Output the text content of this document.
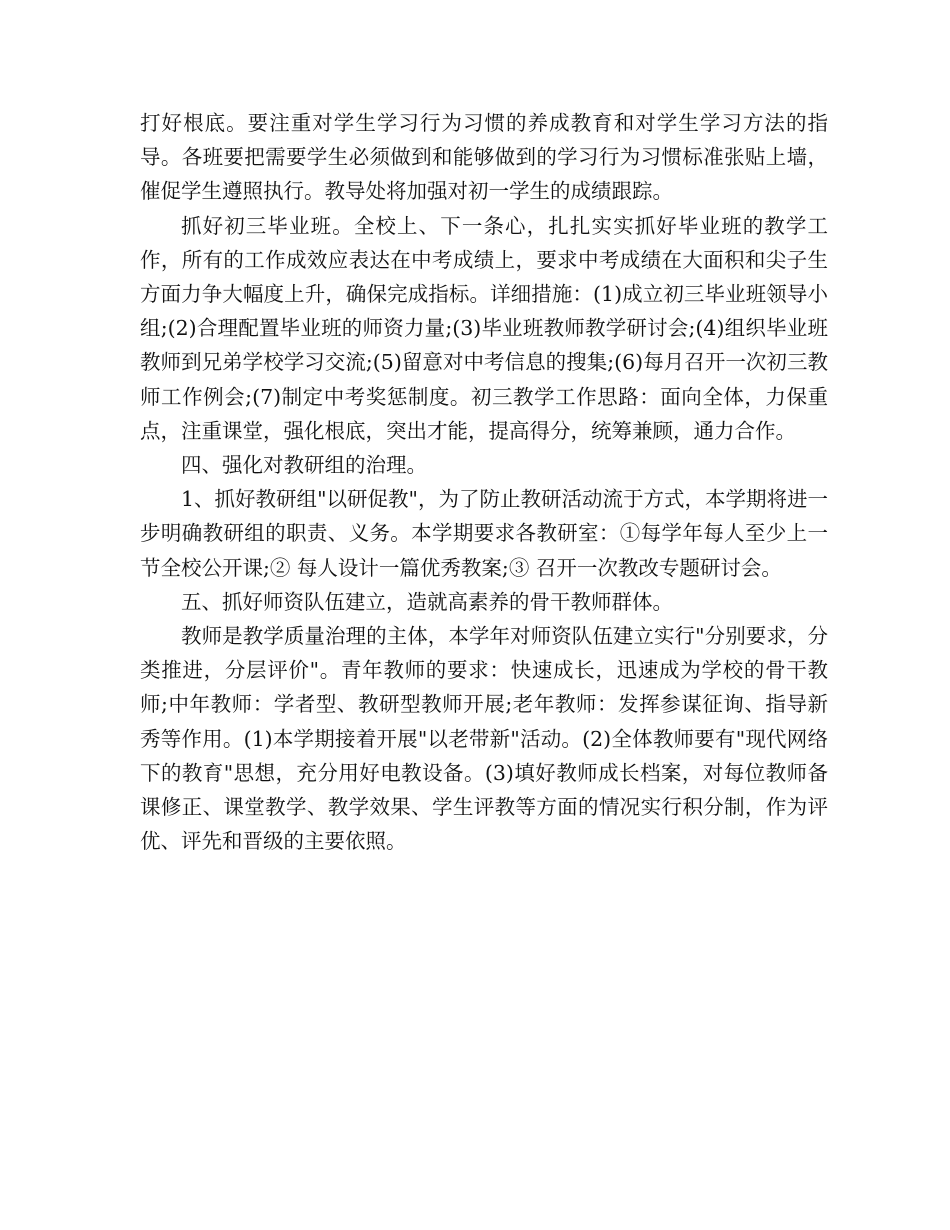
打好根底。要注重对学生学习行为习惯的养成教育和对学生学习方法的指导。各班要把需要学生必须做到和能够做到的学习行为习惯标准张贴上墙，催促学生遵照执行。教导处将加强对初一学生的成绩跟踪。

抓好初三毕业班。全校上、下一条心，扎扎实实抓好毕业班的教学工作，所有的工作成效应表达在中考成绩上，要求中考成绩在大面积和尖子生方面力争大幅度上升，确保完成指标。详细措施：(1)成立初三毕业班领导小组;(2)合理配置毕业班的师资力量;(3)毕业班教师教学研讨会;(4)组织毕业班教师到兄弟学校学习交流;(5)留意对中考信息的搜集;(6)每月召开一次初三教师工作例会;(7)制定中考奖惩制度。初三教学工作思路：面向全体，力保重点，注重课堂，强化根底，突出才能，提高得分，统筹兼顾，通力合作。

四、强化对教研组的治理。

1、抓好教研组"以研促教"，为了防止教研活动流于方式，本学期将进一步明确教研组的职责、义务。本学期要求各教研室：①每学年每人至少上一节全校公开课;② 每人设计一篇优秀教案;③ 召开一次教改专题研讨会。

五、抓好师资队伍建立，造就高素养的骨干教师群体。

教师是教学质量治理的主体，本学年对师资队伍建立实行"分别要求，分类推进，分层评价"。青年教师的要求：快速成长，迅速成为学校的骨干教师;中年教师：学者型、教研型教师开展;老年教师：发挥参谋征询、指导新秀等作用。(1)本学期接着开展"以老带新"活动。(2)全体教师要有"现代网络下的教育"思想，充分用好电教设备。(3)填好教师成长档案，对每位教师备课修正、课堂教学、教学效果、学生评教等方面的情况实行积分制，作为评优、评先和晋级的主要依照。
